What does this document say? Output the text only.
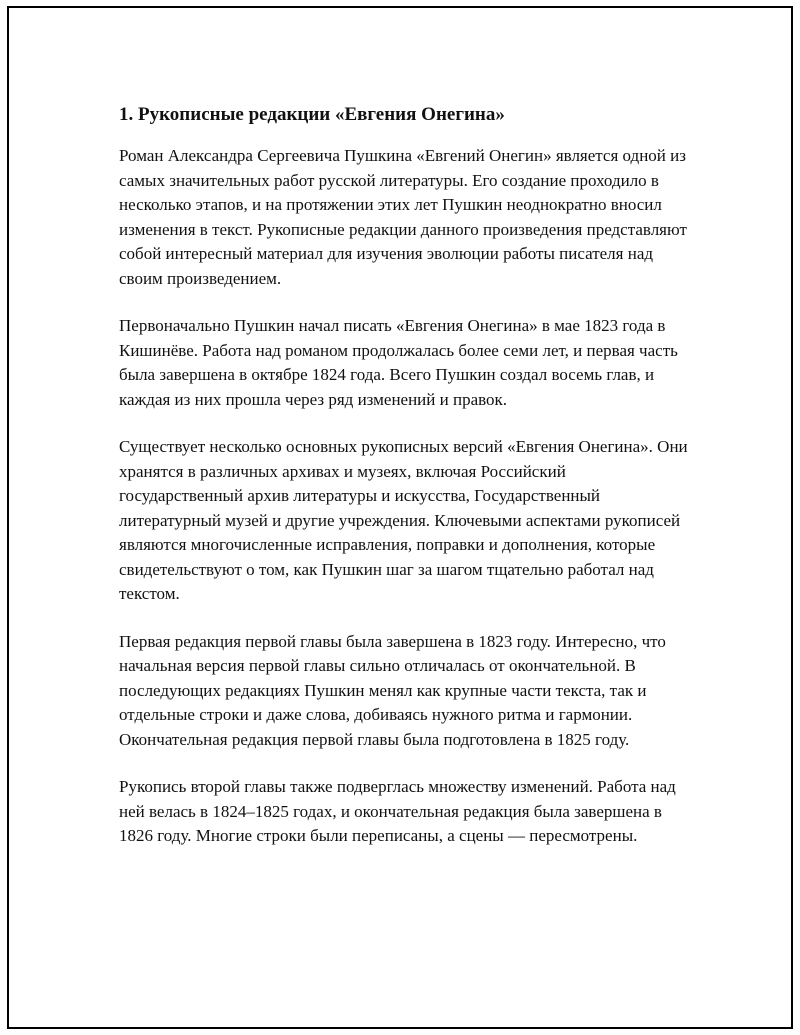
1. Рукописные редакции «Евгения Онегина»

Роман Александра Сергеевича Пушкина «Евгений Онегин» является одной из самых значительных работ русской литературы. Его создание проходило в несколько этапов, и на протяжении этих лет Пушкин неоднократно вносил изменения в текст. Рукописные редакции данного произведения представляют собой интересный материал для изучения эволюции работы писателя над своим произведением.

Первоначально Пушкин начал писать «Евгения Онегина» в мае 1823 года в Кишинёве. Работа над романом продолжалась более семи лет, и первая часть была завершена в октябре 1824 года. Всего Пушкин создал восемь глав, и каждая из них прошла через ряд изменений и правок.

Существует несколько основных рукописных версий «Евгения Онегина». Они хранятся в различных архивах и музеях, включая Российский государственный архив литературы и искусства, Государственный литературный музей и другие учреждения. Ключевыми аспектами рукописей являются многочисленные исправления, поправки и дополнения, которые свидетельствуют о том, как Пушкин шаг за шагом тщательно работал над текстом.

Первая редакция первой главы была завершена в 1823 году. Интересно, что начальная версия первой главы сильно отличалась от окончательной. В последующих редакциях Пушкин менял как крупные части текста, так и отдельные строки и даже слова, добиваясь нужного ритма и гармонии. Окончательная редакция первой главы была подготовлена в 1825 году.

Рукопись второй главы также подверглась множеству изменений. Работа над ней велась в 1824–1825 годах, и окончательная редакция была завершена в 1826 году. Многие строки были переписаны, а сцены — пересмотрены.
